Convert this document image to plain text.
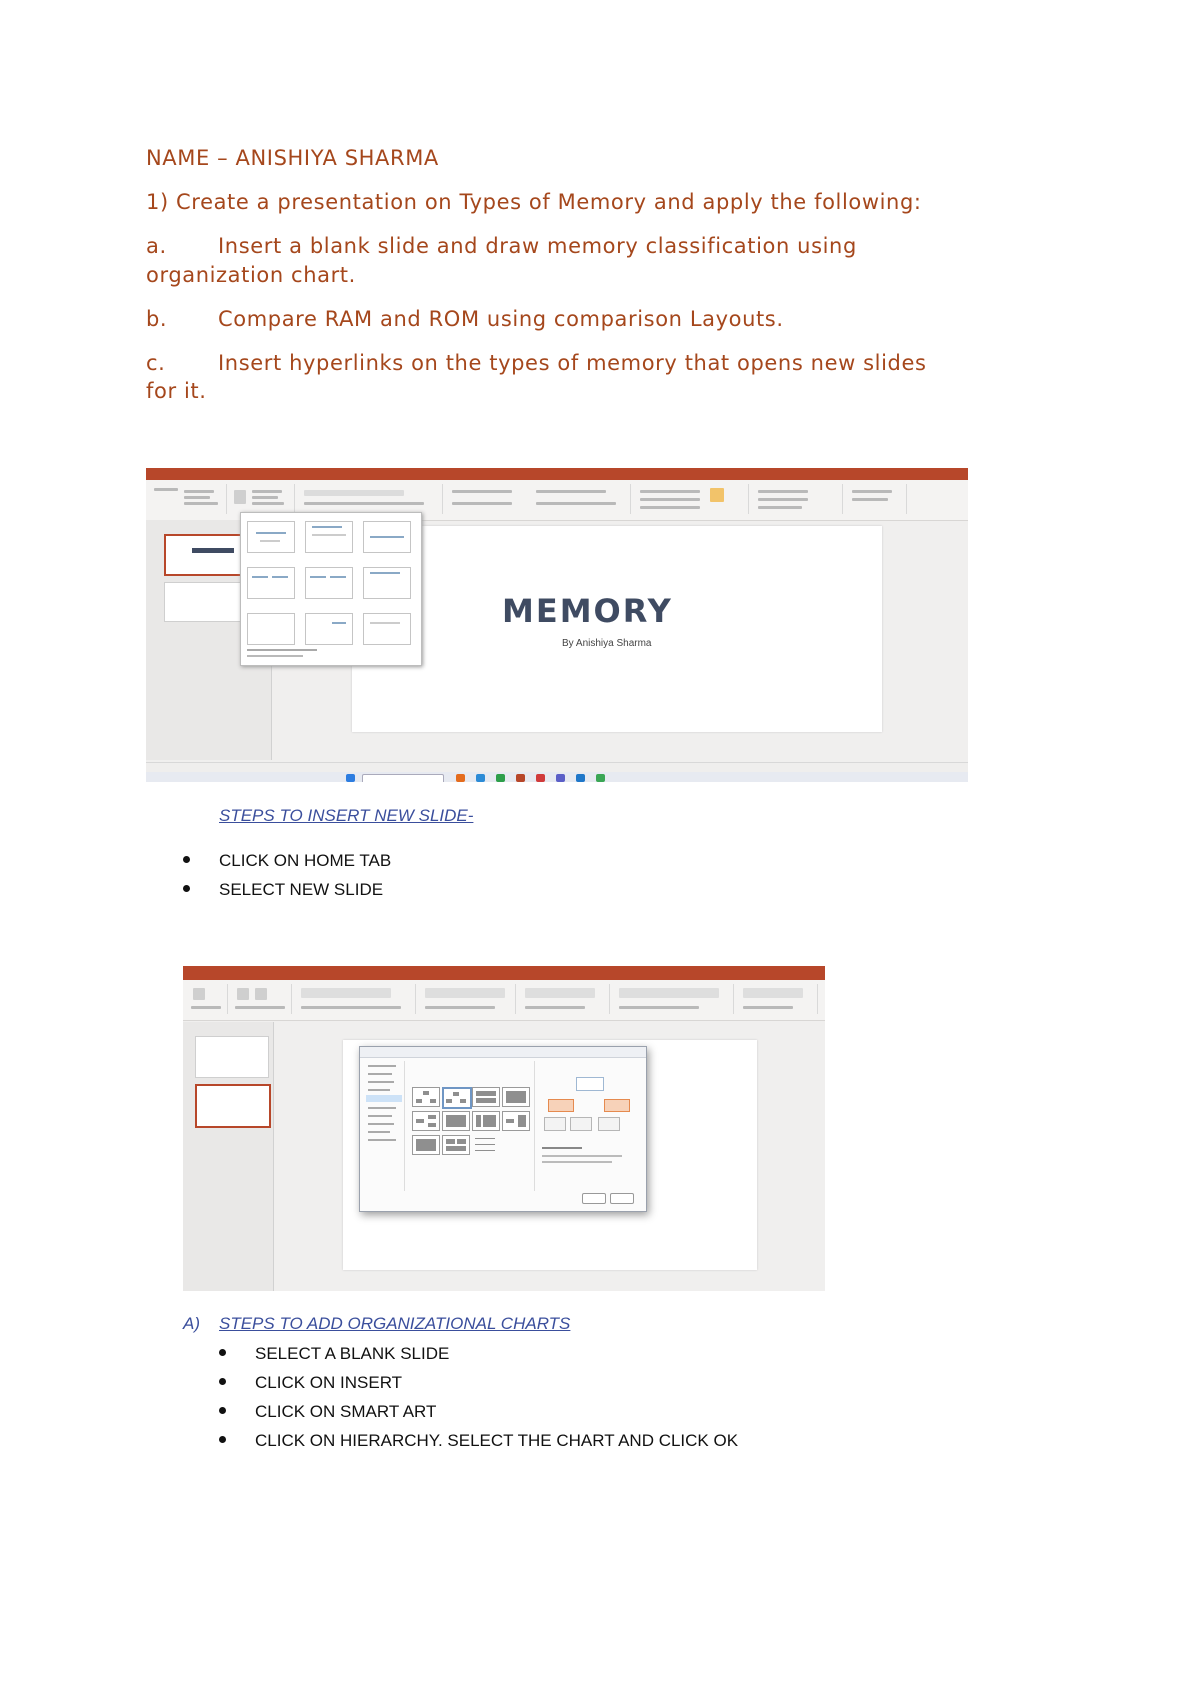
NAME – ANISHIYA SHARMA
1) Create a presentation on Types of Memory and apply the following:
a. Insert a blank slide and draw memory classification using
organization chart.
b. Compare RAM and ROM using comparison Layouts.
c.	Insert hyperlinks on the types of memory that opens new slides
for it.
MEMORY
By Anishiya Sharma
STEPS TO INSERT NEW SLIDE-
CLICK ON HOME TAB
SELECT NEW SLIDE
A) STEPS TO ADD ORGANIZATIONAL CHARTS
SELECT A BLANK SLIDE
CLICK ON INSERT
CLICK ON SMART ART
CLICK ON HIERARCHY. SELECT THE CHART AND CLICK OK
